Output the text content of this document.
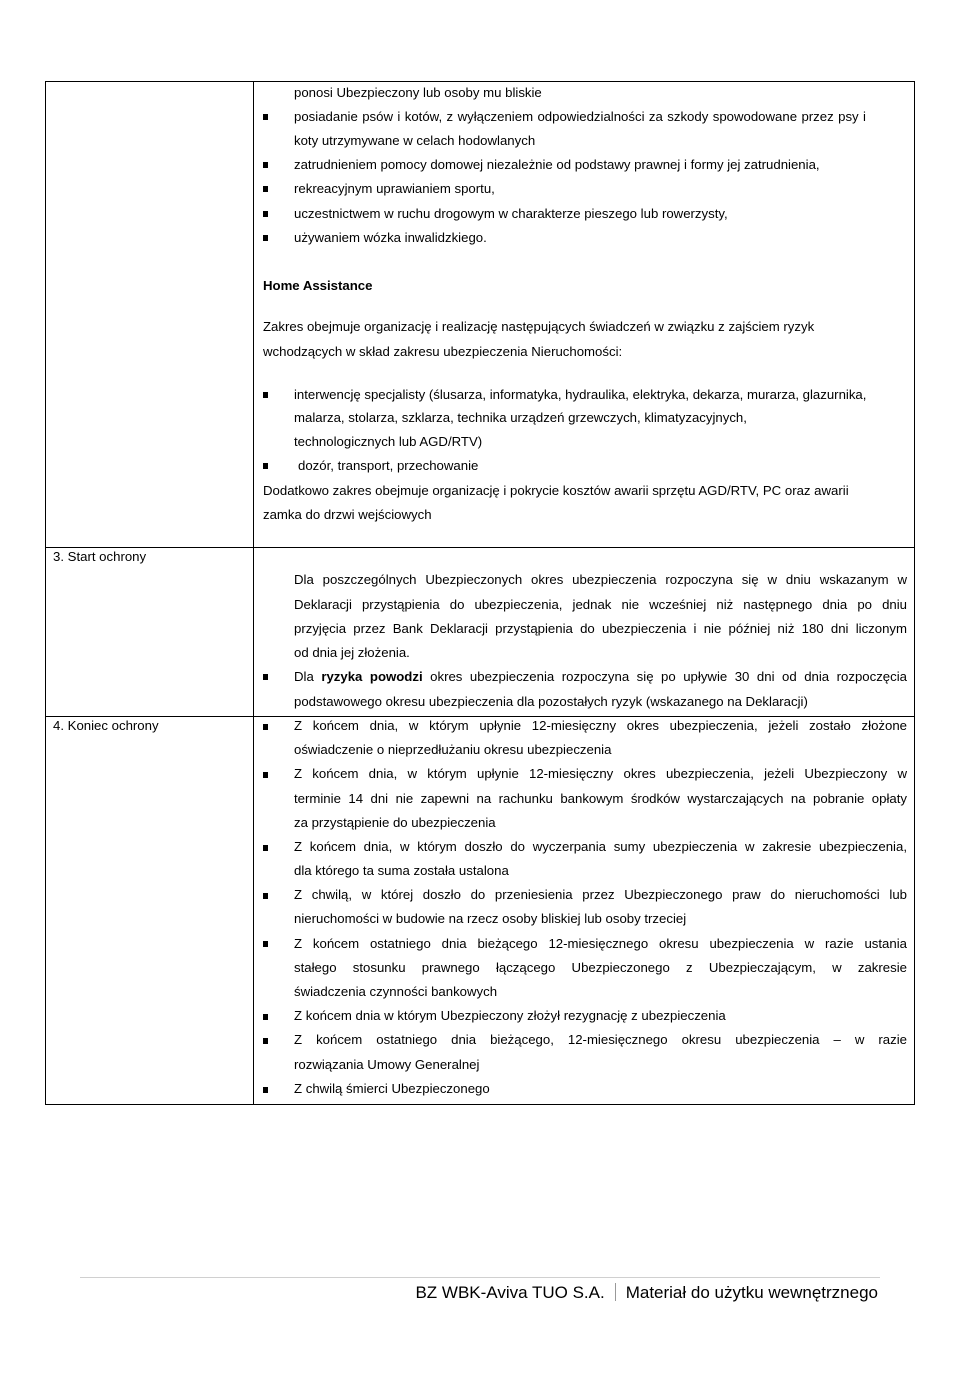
ponosi Ubezpieczony lub osoby mu bliskie
posiadanie psów i kotów, z wyłączeniem odpowiedzialności za szkody spowodowane przez psy i
koty utrzymywane w celach hodowlanych
zatrudnieniem pomocy domowej niezależnie od podstawy prawnej i formy jej zatrudnienia,
rekreacyjnym uprawianiem sportu,
uczestnictwem w ruchu drogowym w charakterze pieszego lub rowerzysty,
używaniem wózka inwalidzkiego.
Home Assistance
Zakres obejmuje organizację i realizację następujących świadczeń w związku z zajściem ryzyk
wchodzących w skład zakresu ubezpieczenia Nieruchomości:
interwencję specjalisty (ślusarza, informatyka, hydraulika, elektryka, dekarza, murarza, glazurnika,
malarza, stolarza, szklarza, technika urządzeń grzewczych, klimatyzacyjnych,
technologicznych lub AGD/RTV)
dozór, transport, przechowanie
Dodatkowo zakres obejmuje organizację i pokrycie kosztów awarii sprzętu AGD/RTV, PC oraz awarii
zamka do drzwi wejściowych
3. Start ochrony
Dla poszczególnych Ubezpieczonych okres ubezpieczenia rozpoczyna się w dniu wskazanym w
Deklaracji przystąpienia do ubezpieczenia, jednak nie wcześniej niż następnego dnia po dniu
przyjęcia przez Bank Deklaracji przystąpienia do ubezpieczenia i nie później niż 180 dni liczonym
od dnia jej złożenia.
Dla ryzyka powodzi okres ubezpieczenia rozpoczyna się po upływie 30 dni od dnia rozpoczęcia
podstawowego okresu ubezpieczenia dla pozostałych ryzyk (wskazanego na Deklaracji)
4. Koniec ochrony	Z końcem dnia, w którym upłynie 12-miesięczny okres ubezpieczenia, jeżeli zostało złożone
oświadczenie o nieprzedłużaniu okresu ubezpieczenia
Z końcem dnia, w którym upłynie 12-miesięczny okres ubezpieczenia, jeżeli Ubezpieczony w
terminie 14 dni nie zapewni na rachunku bankowym środków wystarczających na pobranie opłaty
za przystąpienie do ubezpieczenia
Z końcem dnia, w którym doszło do wyczerpania sumy ubezpieczenia w zakresie ubezpieczenia,
dla którego ta suma została ustalona
Z chwilą, w której doszło do przeniesienia przez Ubezpieczonego praw do nieruchomości lub
nieruchomości w budowie na rzecz osoby bliskiej lub osoby trzeciej
Z końcem ostatniego dnia bieżącego 12-miesięcznego okresu ubezpieczenia w razie ustania
stałego stosunku prawnego łączącego Ubezpieczonego z Ubezpieczającym, w zakresie
świadczenia czynności bankowych
Z końcem dnia w którym Ubezpieczony złożył rezygnację z ubezpieczenia
Z końcem ostatniego dnia bieżącego, 12-miesięcznego okresu ubezpieczenia – w razie
rozwiązania Umowy Generalnej
Z chwilą śmierci Ubezpieczonego
BZ WBK-Aviva TUO S.A. Materiał do użytku wewnętrznego
